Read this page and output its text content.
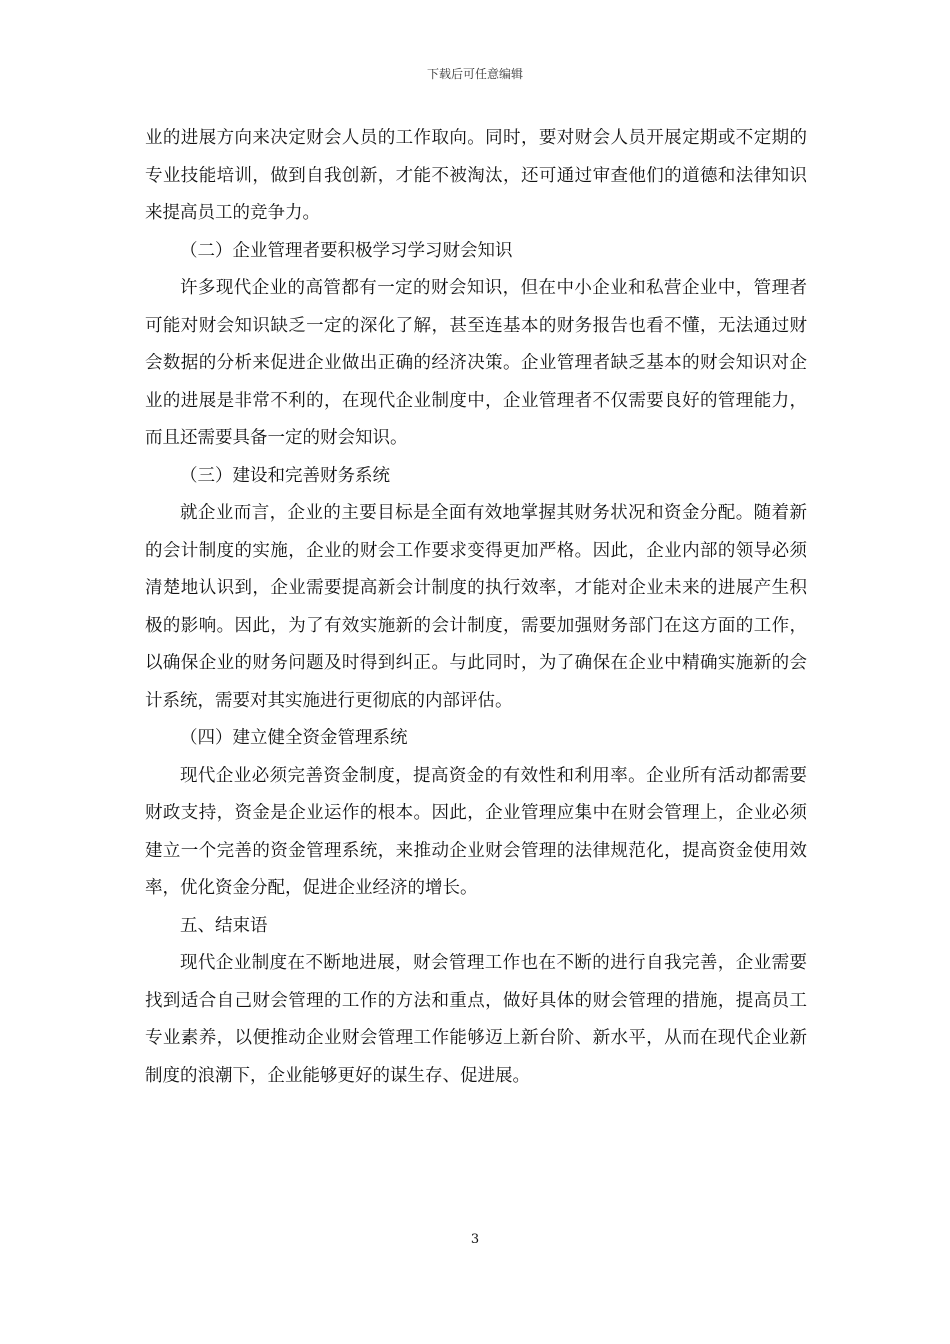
下载后可任意编辑

业的进展方向来决定财会人员的工作取向。同时，要对财会人员开展定期或不定期的专业技能培训，做到自我创新，才能不被淘汰，还可通过审查他们的道德和法律知识来提高员工的竞争力。

（二）企业管理者要积极学习学习财会知识

许多现代企业的高管都有一定的财会知识，但在中小企业和私营企业中，管理者可能对财会知识缺乏一定的深化了解，甚至连基本的财务报告也看不懂，无法通过财会数据的分析来促进企业做出正确的经济决策。企业管理者缺乏基本的财会知识对企业的进展是非常不利的，在现代企业制度中，企业管理者不仅需要良好的管理能力，而且还需要具备一定的财会知识。

（三）建设和完善财务系统

就企业而言，企业的主要目标是全面有效地掌握其财务状况和资金分配。随着新的会计制度的实施，企业的财会工作要求变得更加严格。因此，企业内部的领导必须清楚地认识到，企业需要提高新会计制度的执行效率，才能对企业未来的进展产生积极的影响。因此，为了有效实施新的会计制度，需要加强财务部门在这方面的工作，以确保企业的财务问题及时得到纠正。与此同时，为了确保在企业中精确实施新的会计系统，需要对其实施进行更彻底的内部评估。

（四）建立健全资金管理系统

现代企业必须完善资金制度，提高资金的有效性和利用率。企业所有活动都需要财政支持，资金是企业运作的根本。因此，企业管理应集中在财会管理上，企业必须建立一个完善的资金管理系统，来推动企业财会管理的法律规范化，提高资金使用效率，优化资金分配，促进企业经济的增长。

五、结束语

现代企业制度在不断地进展，财会管理工作也在不断的进行自我完善，企业需要找到适合自己财会管理的工作的方法和重点，做好具体的财会管理的措施，提高员工专业素养，以便推动企业财会管理工作能够迈上新台阶、新水平，从而在现代企业新制度的浪潮下，企业能够更好的谋生存、促进展。

3
